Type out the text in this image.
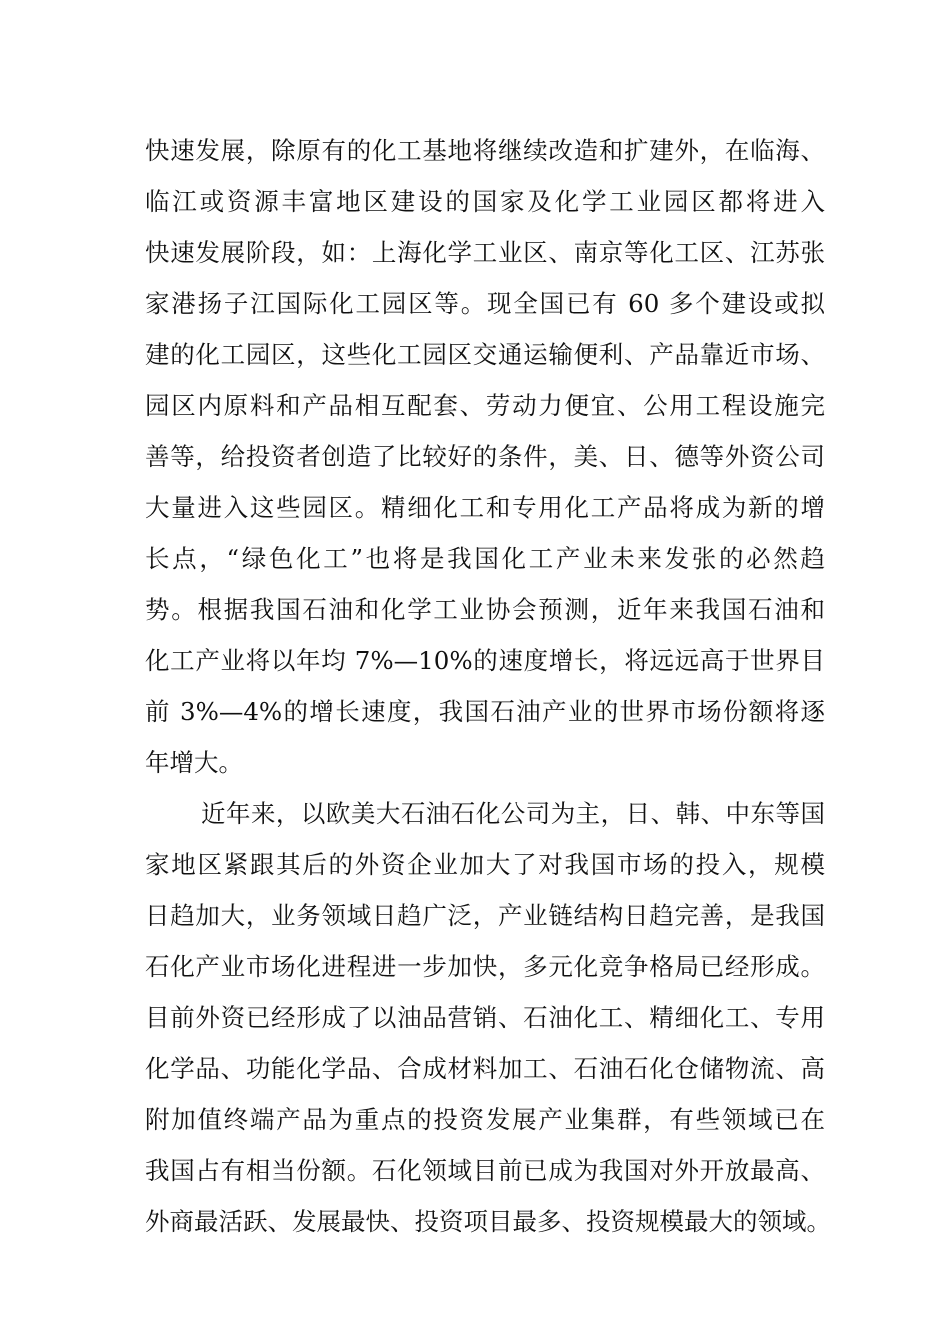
快速发展，除原有的化工基地将继续改造和扩建外，在临海、
临江或资源丰富地区建设的国家及化学工业园区都将进入
快速发展阶段，如：上海化学工业区、南京等化工区、江苏张
家港扬子江国际化工园区等。现全国已有 60 多个建设或拟
建的化工园区，这些化工园区交通运输便利、产品靠近市场、
园区内原料和产品相互配套、劳动力便宜、公用工程设施完
善等，给投资者创造了比较好的条件，美、日、德等外资公司
大量进入这些园区。精细化工和专用化工产品将成为新的增
长点，“绿色化工”也将是我国化工产业未来发张的必然趋
势。根据我国石油和化学工业协会预测，近年来我国石油和
化工产业将以年均 7%—10%的速度增长，将远远高于世界目
前 3%—4%的增长速度，我国石油产业的世界市场份额将逐
年增大。
近年来，以欧美大石油石化公司为主，日、韩、中东等国
家地区紧跟其后的外资企业加大了对我国市场的投入，规模
日趋加大，业务领域日趋广泛，产业链结构日趋完善，是我国
石化产业市场化进程进一步加快，多元化竞争格局已经形成。
目前外资已经形成了以油品营销、石油化工、精细化工、专用
化学品、功能化学品、合成材料加工、石油石化仓储物流、高
附加值终端产品为重点的投资发展产业集群，有些领域已在
我国占有相当份额。石化领域目前已成为我国对外开放最高、
外商最活跃、发展最快、投资项目最多、投资规模最大的领域。
